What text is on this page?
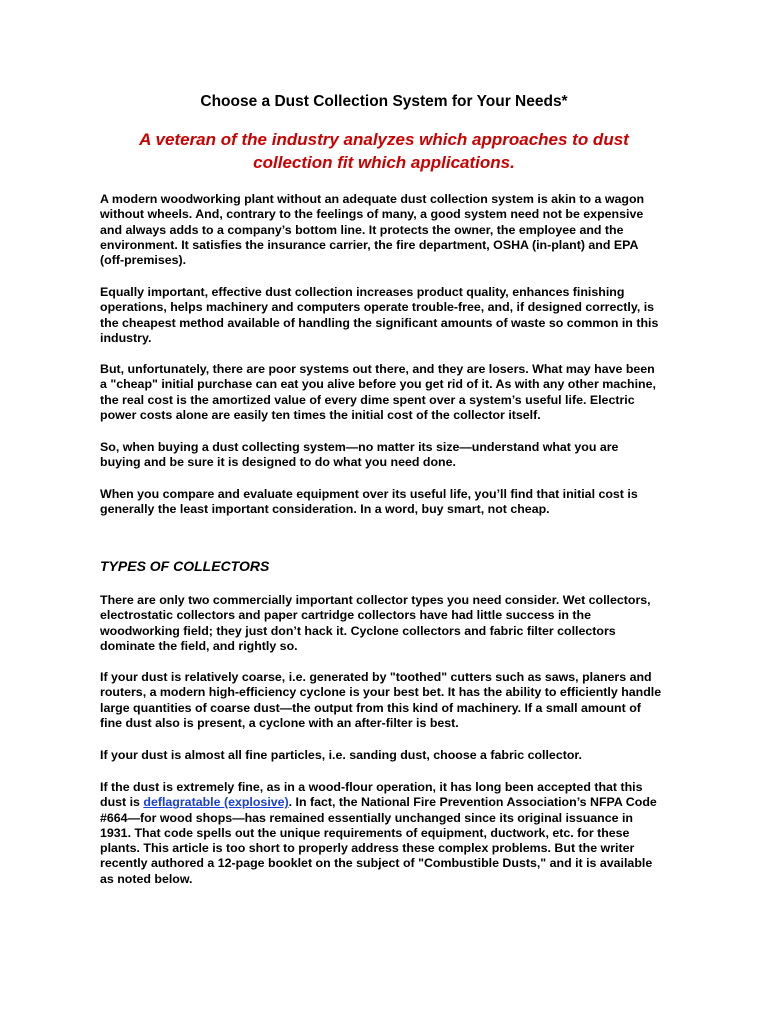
Choose a Dust Collection System for Your Needs*
A veteran of the industry analyzes which approaches to dust
collection fit which applications.

A modern woodworking plant without an adequate dust collection system is akin to a wagon
without wheels. And, contrary to the feelings of many, a good system need not be expensive
and always adds to a company’s bottom line. It protects the owner, the employee and the
environment. It satisfies the insurance carrier, the fire department, OSHA (in-plant) and EPA
(off-premises).

Equally important, effective dust collection increases product quality, enhances finishing
operations, helps machinery and computers operate trouble-free, and, if designed correctly, is
the cheapest method available of handling the significant amounts of waste so common in this
industry.

But, unfortunately, there are poor systems out there, and they are losers. What may have been
a "cheap" initial purchase can eat you alive before you get rid of it. As with any other machine,
the real cost is the amortized value of every dime spent over a system’s useful life. Electric
power costs alone are easily ten times the initial cost of the collector itself.

So, when buying a dust collecting system—no matter its size—understand what you are
buying and be sure it is designed to do what you need done.

When you compare and evaluate equipment over its useful life, you’ll find that initial cost is
generally the least important consideration. In a word, buy smart, not cheap.

TYPES OF COLLECTORS

There are only two commercially important collector types you need consider. Wet collectors,
electrostatic collectors and paper cartridge collectors have had little success in the
woodworking field; they just don’t hack it. Cyclone collectors and fabric filter collectors
dominate the field, and rightly so.

If your dust is relatively coarse, i.e. generated by "toothed" cutters such as saws, planers and
routers, a modern high-efficiency cyclone is your best bet. It has the ability to efficiently handle
large quantities of coarse dust—the output from this kind of machinery. If a small amount of
fine dust also is present, a cyclone with an after-filter is best.

If your dust is almost all fine particles, i.e. sanding dust, choose a fabric collector.

If the dust is extremely fine, as in a wood-flour operation, it has long been accepted that this
dust is deflagratable (explosive). In fact, the National Fire Prevention Association’s NFPA Code
#664—for wood shops—has remained essentially unchanged since its original issuance in
1931. That code spells out the unique requirements of equipment, ductwork, etc. for these
plants. This article is too short to properly address these complex problems. But the writer
recently authored a 12-page booklet on the subject of "Combustible Dusts," and it is available
as noted below.
